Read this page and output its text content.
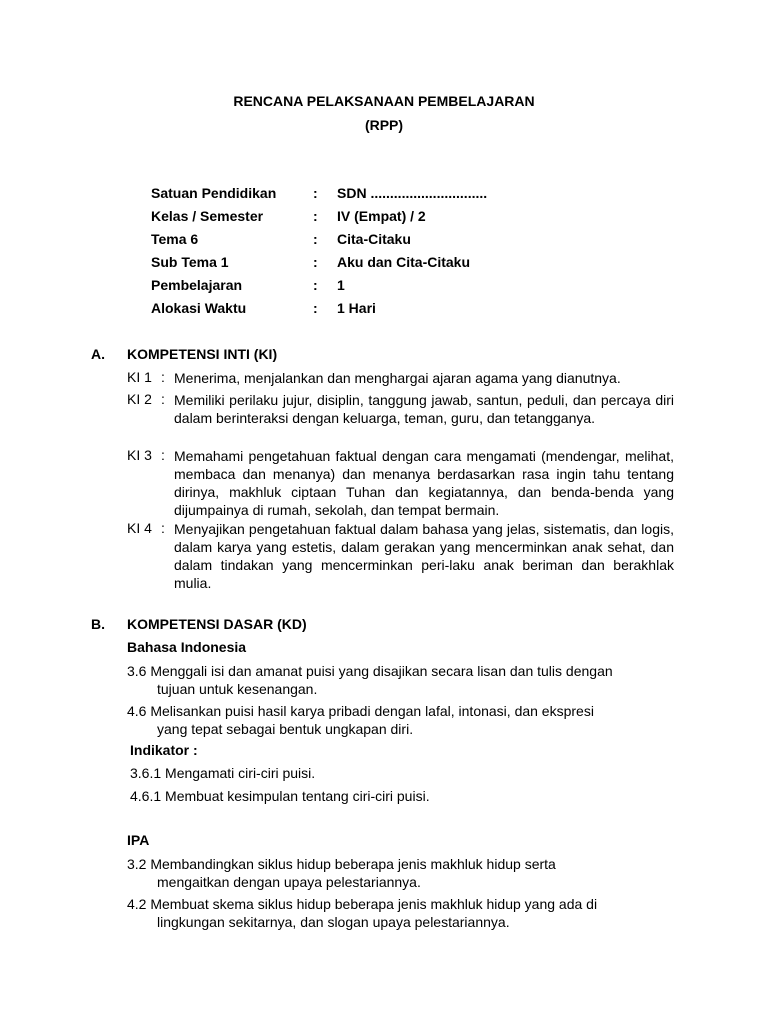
RENCANA PELAKSANAAN PEMBELAJARAN
(RPP)
Satuan Pendidikan	: SDN ..............................
Kelas / Semester	: IV (Empat) / 2
Tema 6	: Cita-Citaku
Sub Tema 1	: Aku dan Cita-Citaku
Pembelajaran	: 1
Alokasi Waktu	: 1 Hari
A. KOMPETENSI INTI (KI)
KI 1 : Menerima, menjalankan dan menghargai ajaran agama yang dianutnya.
KI 2 : Memiliki perilaku jujur, disiplin, tanggung jawab, santun, peduli, dan percaya diri dalam berinteraksi dengan keluarga, teman, guru, dan tetangganya.
KI 3 : Memahami pengetahuan faktual dengan cara mengamati (mendengar, melihat, membaca dan menanya) dan menanya berdasarkan rasa ingin tahu tentang dirinya, makhluk ciptaan Tuhan dan kegiatannya, dan benda-benda yang dijumpainya di rumah, sekolah, dan tempat bermain.
KI 4 : Menyajikan pengetahuan faktual dalam bahasa yang jelas, sistematis, dan logis, dalam karya yang estetis, dalam gerakan yang mencerminkan anak sehat, dan dalam tindakan yang mencerminkan peri-laku anak beriman dan berakhlak mulia.
B. KOMPETENSI DASAR (KD)
Bahasa Indonesia
3.6 Menggali isi dan amanat puisi yang disajikan secara lisan dan tulis dengan
tujuan untuk kesenangan.
4.6 Melisankan puisi hasil karya pribadi dengan lafal, intonasi, dan ekspresi
yang tepat sebagai bentuk ungkapan diri.
Indikator :
3.6.1 Mengamati ciri-ciri puisi.
4.6.1 Membuat kesimpulan tentang ciri-ciri puisi.
IPA
3.2 Membandingkan siklus hidup beberapa jenis makhluk hidup serta
mengaitkan dengan upaya pelestariannya.
4.2 Membuat skema siklus hidup beberapa jenis makhluk hidup yang ada di
lingkungan sekitarnya, dan slogan upaya pelestariannya.
